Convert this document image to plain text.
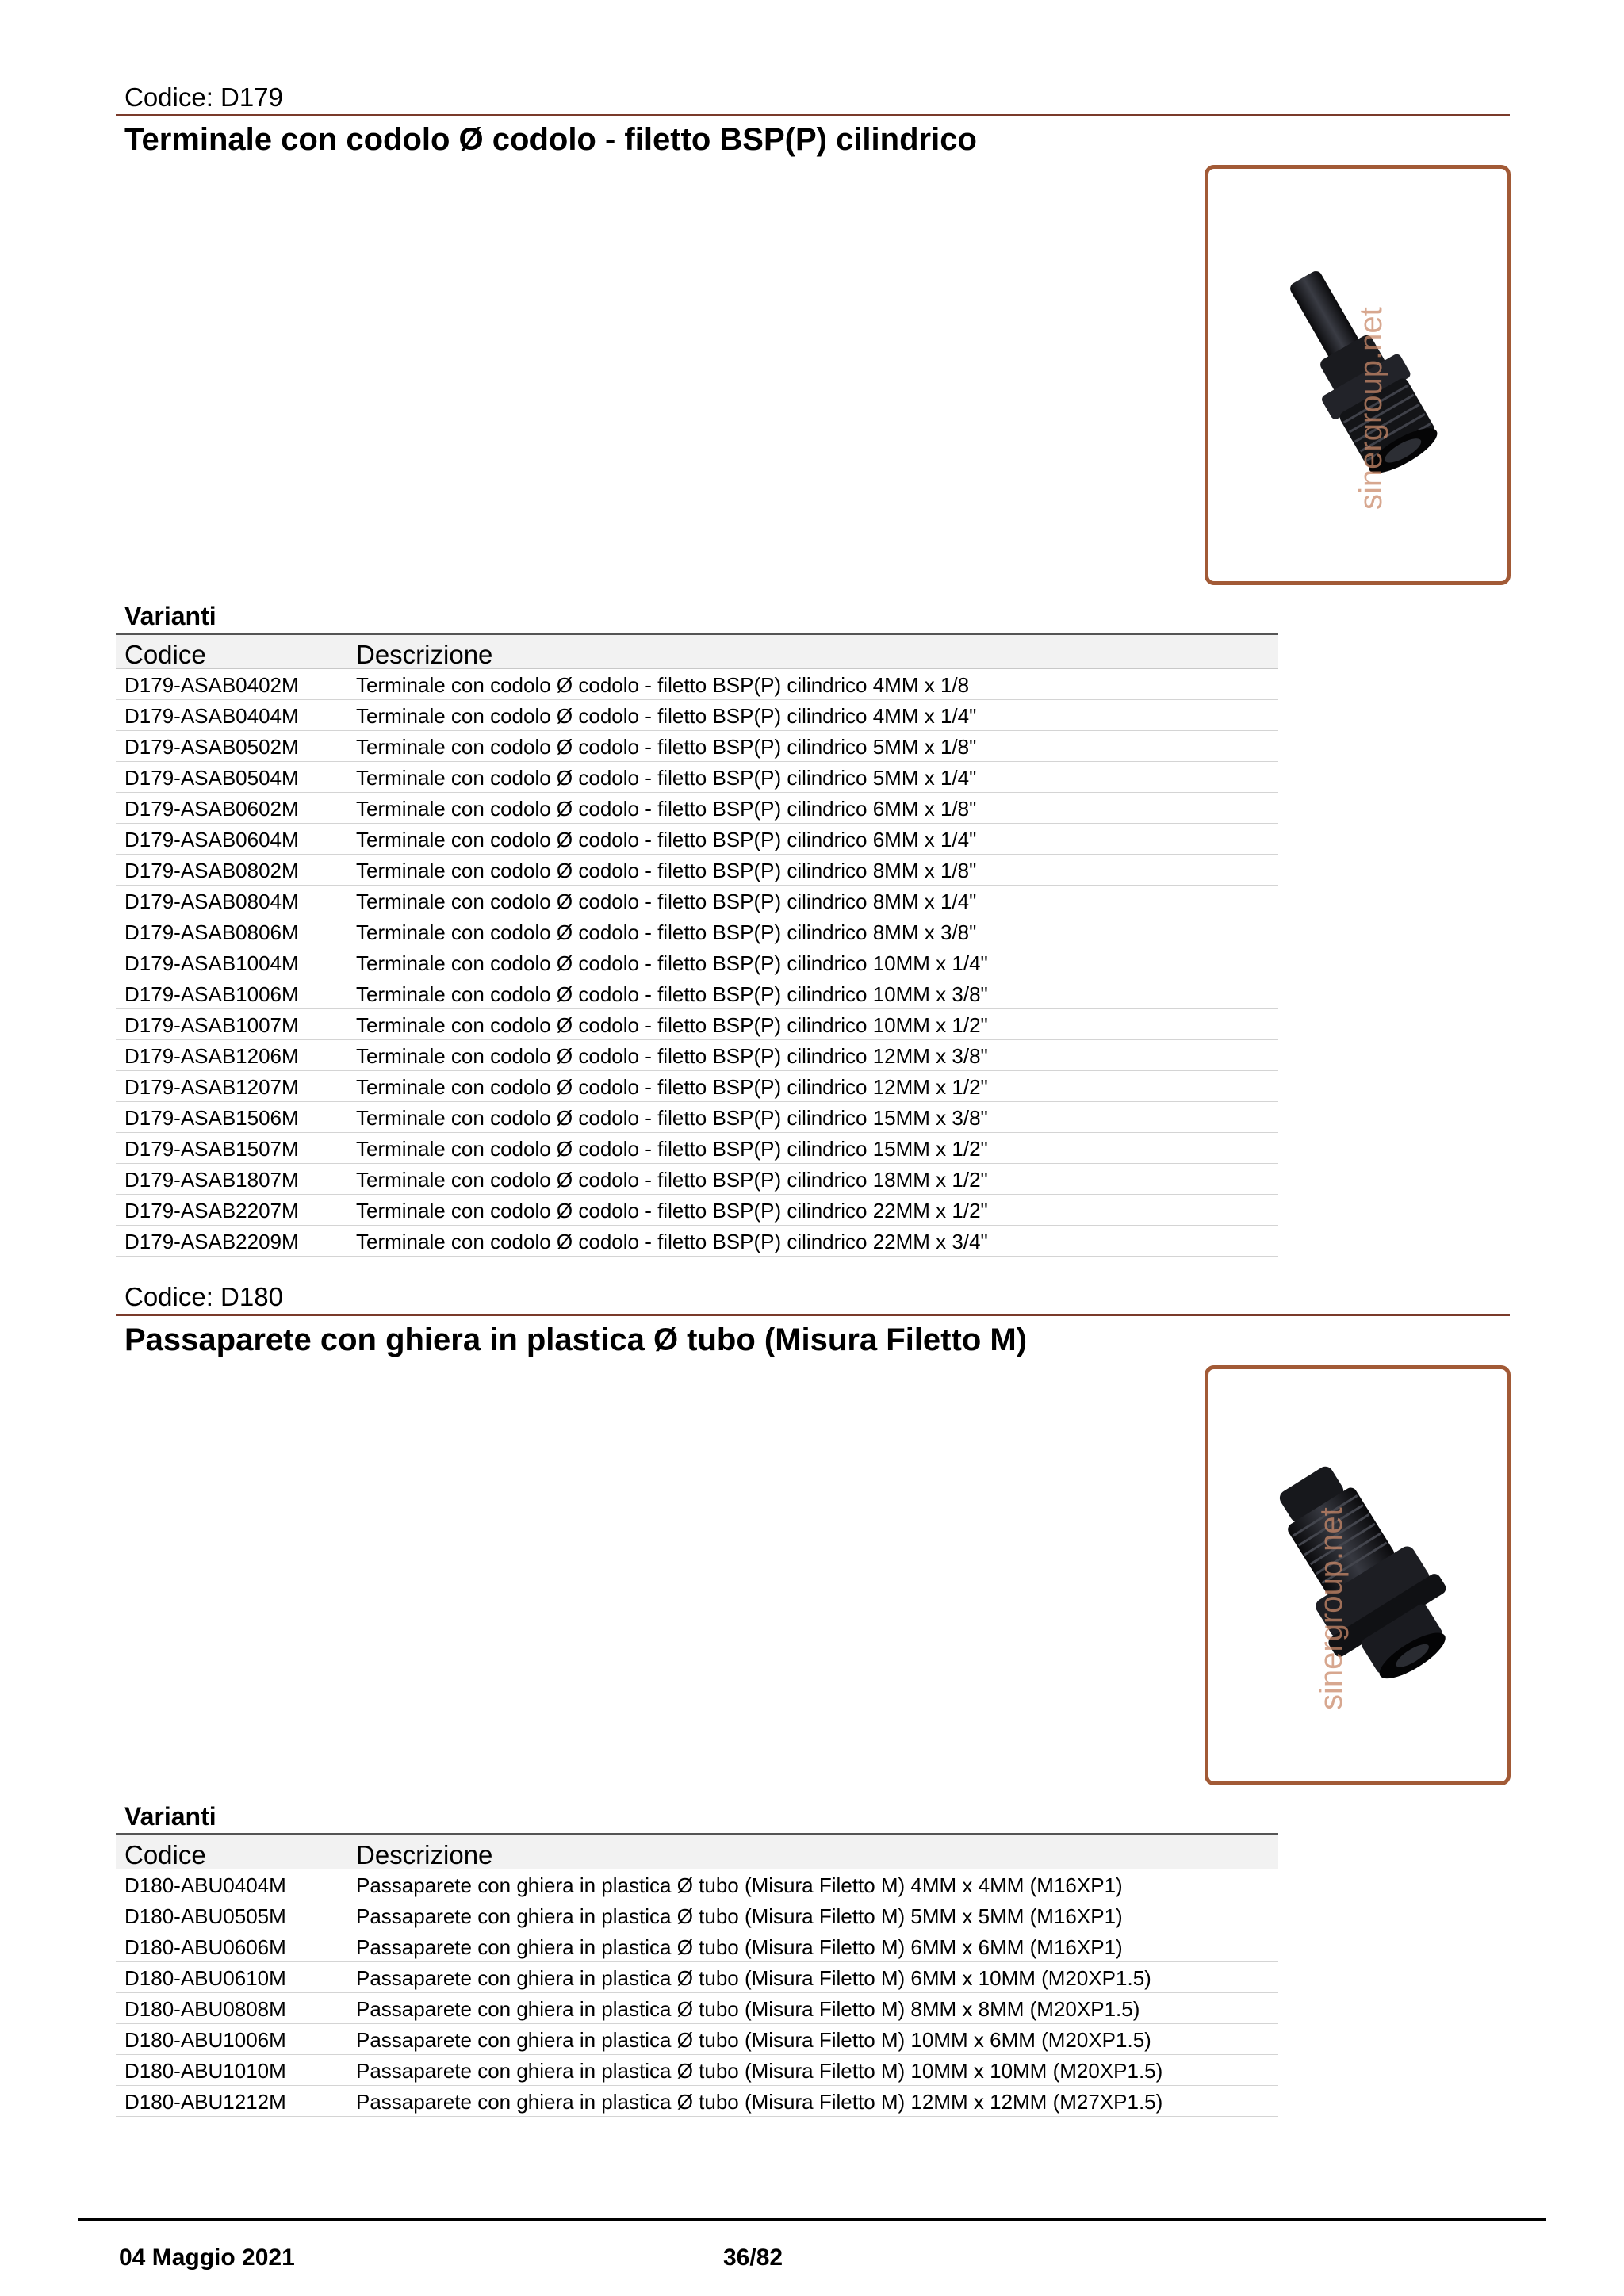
Codice: D179
Terminale con codolo Ø codolo - filetto BSP(P) cilindrico
sinergroup.net
Varianti
Codice	Descrizione
D179-ASAB0402M	Terminale con codolo Ø codolo - filetto BSP(P) cilindrico 4MM x 1/8
D179-ASAB0404M	Terminale con codolo Ø codolo - filetto BSP(P) cilindrico 4MM x 1/4"
D179-ASAB0502M	Terminale con codolo Ø codolo - filetto BSP(P) cilindrico 5MM x 1/8"
D179-ASAB0504M	Terminale con codolo Ø codolo - filetto BSP(P) cilindrico 5MM x 1/4"
D179-ASAB0602M	Terminale con codolo Ø codolo - filetto BSP(P) cilindrico 6MM x 1/8"
D179-ASAB0604M	Terminale con codolo Ø codolo - filetto BSP(P) cilindrico 6MM x 1/4"
D179-ASAB0802M	Terminale con codolo Ø codolo - filetto BSP(P) cilindrico 8MM x 1/8"
D179-ASAB0804M	Terminale con codolo Ø codolo - filetto BSP(P) cilindrico 8MM x 1/4"
D179-ASAB0806M	Terminale con codolo Ø codolo - filetto BSP(P) cilindrico 8MM x 3/8"
D179-ASAB1004M	Terminale con codolo Ø codolo - filetto BSP(P) cilindrico 10MM x 1/4"
D179-ASAB1006M	Terminale con codolo Ø codolo - filetto BSP(P) cilindrico 10MM x 3/8"
D179-ASAB1007M	Terminale con codolo Ø codolo - filetto BSP(P) cilindrico 10MM x 1/2"
D179-ASAB1206M	Terminale con codolo Ø codolo - filetto BSP(P) cilindrico 12MM x 3/8"
D179-ASAB1207M	Terminale con codolo Ø codolo - filetto BSP(P) cilindrico 12MM x 1/2"
D179-ASAB1506M	Terminale con codolo Ø codolo - filetto BSP(P) cilindrico 15MM x 3/8"
D179-ASAB1507M	Terminale con codolo Ø codolo - filetto BSP(P) cilindrico 15MM x 1/2"
D179-ASAB1807M	Terminale con codolo Ø codolo - filetto BSP(P) cilindrico 18MM x 1/2"
D179-ASAB2207M	Terminale con codolo Ø codolo - filetto BSP(P) cilindrico 22MM x 1/2"
D179-ASAB2209M	Terminale con codolo Ø codolo - filetto BSP(P) cilindrico 22MM x 3/4"
Codice: D180
Passaparete con ghiera in plastica Ø tubo (Misura Filetto M)
sinergroup.net
Varianti
Codice	Descrizione
D180-ABU0404M	Passaparete con ghiera in plastica Ø tubo (Misura Filetto M) 4MM x 4MM (M16XP1)
D180-ABU0505M	Passaparete con ghiera in plastica Ø tubo (Misura Filetto M) 5MM x 5MM (M16XP1)
D180-ABU0606M	Passaparete con ghiera in plastica Ø tubo (Misura Filetto M) 6MM x 6MM (M16XP1)
D180-ABU0610M	Passaparete con ghiera in plastica Ø tubo (Misura Filetto M) 6MM x 10MM (M20XP1.5)
D180-ABU0808M	Passaparete con ghiera in plastica Ø tubo (Misura Filetto M) 8MM x 8MM (M20XP1.5)
D180-ABU1006M	Passaparete con ghiera in plastica Ø tubo (Misura Filetto M) 10MM x 6MM (M20XP1.5)
D180-ABU1010M	Passaparete con ghiera in plastica Ø tubo (Misura Filetto M) 10MM x 10MM (M20XP1.5)
D180-ABU1212M	Passaparete con ghiera in plastica Ø tubo (Misura Filetto M) 12MM x 12MM (M27XP1.5)
04 Maggio 2021	36/82
